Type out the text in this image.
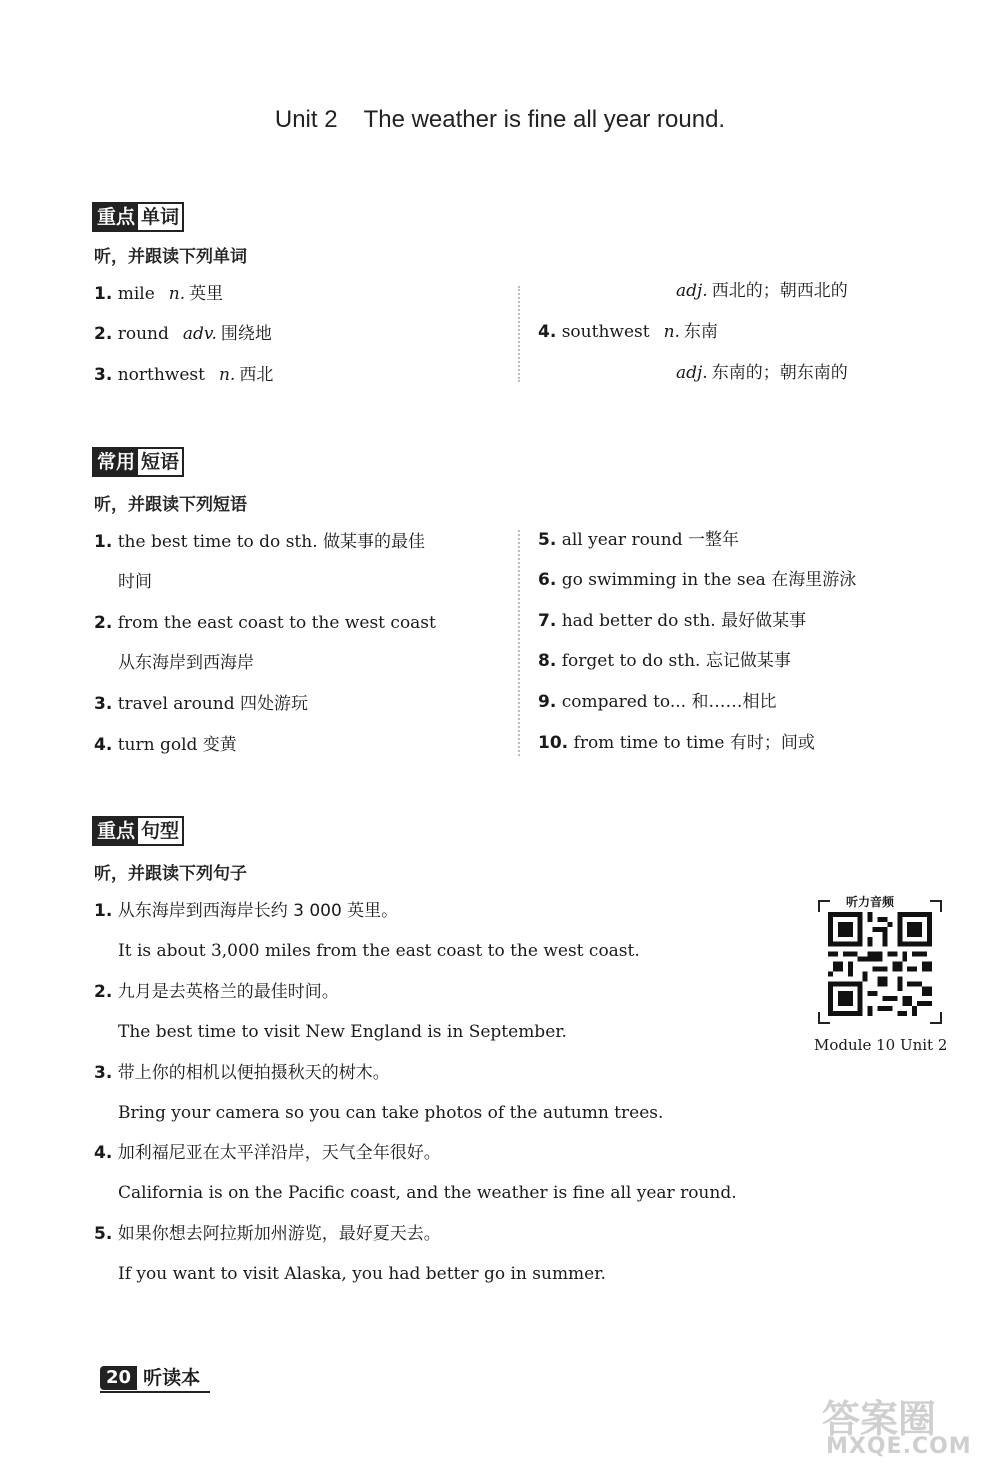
Unit 2 The weather is fine all year round.
重点 单词
听，并跟读下列单词
1. mile n. 英里
2. round adv. 围绕地
3. northwest n. 西北
adj. 西北的；朝西北的
4. southwest n. 东南
adj. 东南的；朝东南的
常用 短语
听，并跟读下列短语
1. the best time to do sth. 做某事的最佳
时间
2. from the east coast to the west coast
从东海岸到西海岸
3. travel around 四处游玩
4. turn gold 变黄
5. all year round 一整年
6. go swimming in the sea 在海里游泳
7. had better do sth. 最好做某事
8. forget to do sth. 忘记做某事
9. compared to... 和……相比
10. from time to time 有时；间或
重点 句型
听，并跟读下列句子
1. 从东海岸到西海岸长约 3 000 英里。
It is about 3,000 miles from the east coast to the west coast.
2. 九月是去英格兰的最佳时间。
The best time to visit New England is in September.
3. 带上你的相机以便拍摄秋天的树木。
Bring your camera so you can take photos of the autumn trees.
4. 加利福尼亚在太平洋沿岸，天气全年很好。
California is on the Pacific coast, and the weather is fine all year round.
5. 如果你想去阿拉斯加州游览，最好夏天去。
If you want to visit Alaska, you had better go in summer.
听力音频
Module 10 Unit 2
20 听读本
答案圈
MXQE.COM
